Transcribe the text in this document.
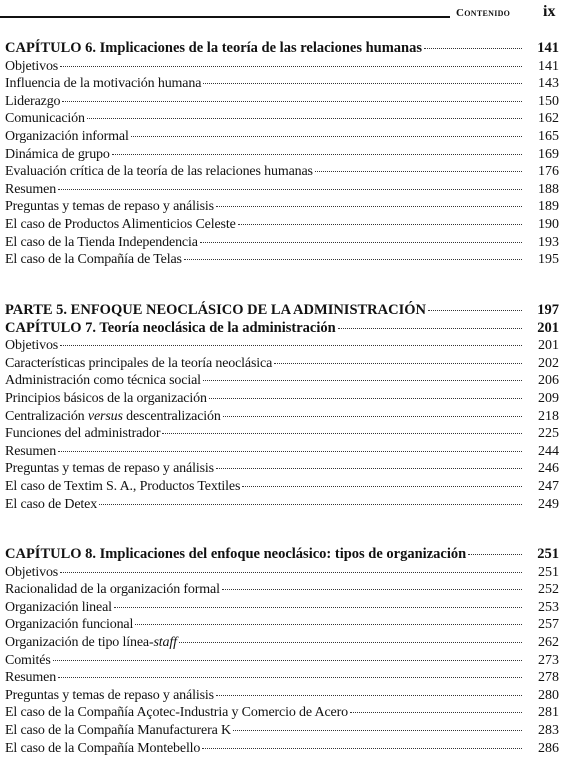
Contenido ix
CAPÍTULO 6. Implicaciones de la teoría de las relaciones humanas	141
Objetivos	141
Influencia de la motivación humana	143
Liderazgo	150
Comunicación	162
Organización informal	165
Dinámica de grupo	169
Evaluación crítica de la teoría de las relaciones humanas	176
Resumen	188
Preguntas y temas de repaso y análisis	189
El caso de Productos Alimenticios Celeste	190
El caso de la Tienda Independencia	193
El caso de la Compañía de Telas	195
PARTE 5. ENFOQUE NEOCLÁSICO DE LA ADMINISTRACIÓN	197
CAPÍTULO 7. Teoría neoclásica de la administración	201
Objetivos	201
Características principales de la teoría neoclásica	202
Administración como técnica social	206
Principios básicos de la organización	209
Centralización versus descentralización	218
Funciones del administrador	225
Resumen	244
Preguntas y temas de repaso y análisis	246
El caso de Textim S. A., Productos Textiles	247
El caso de Detex	249
CAPÍTULO 8. Implicaciones del enfoque neoclásico: tipos de organización	251
Objetivos	251
Racionalidad de la organización formal	252
Organización lineal	253
Organización funcional	257
Organización de tipo línea-staff	262
Comités	273
Resumen	278
Preguntas y temas de repaso y análisis	280
El caso de la Compañía Açotec-Industria y Comercio de Acero	281
El caso de la Compañía Manufacturera K	283
El caso de la Compañía Montebello	286
